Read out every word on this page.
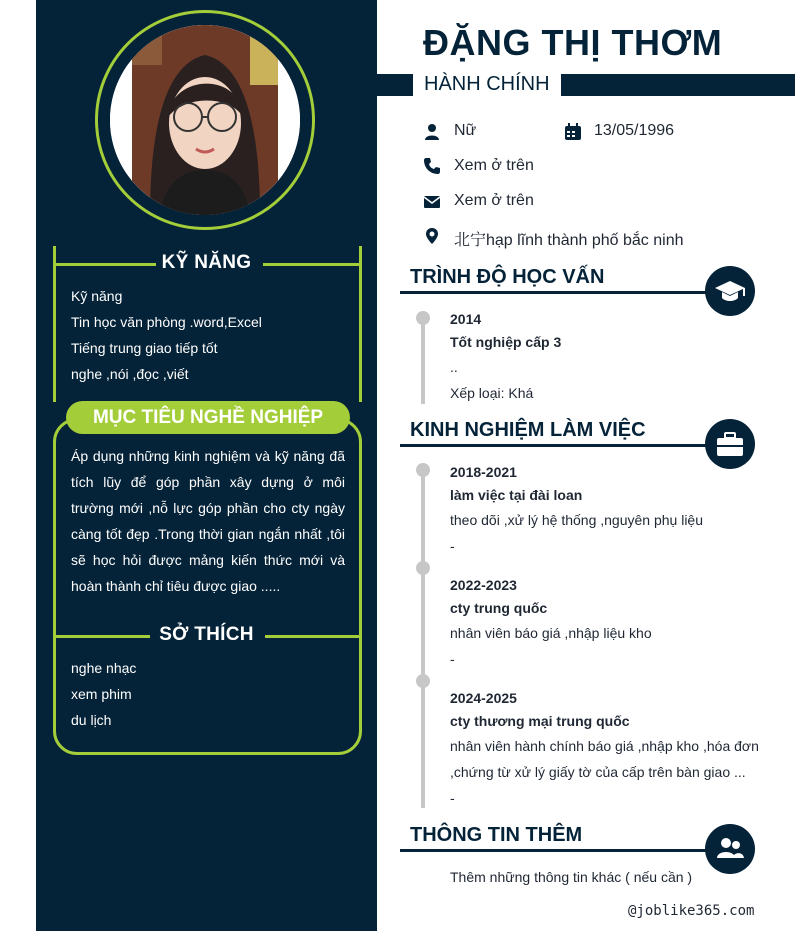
KỸ NĂNG
Kỹ năng
Tin học văn phòng .word,Excel
Tiếng trung giao tiếp tốt
nghe ,nói ,đọc ,viết
MỤC TIÊU NGHỀ NGHIỆP
Áp dụng những kinh nghiệm và kỹ năng đã tích lũy để góp phần xây dựng ở môi trường mới ,nỗ lực góp phần cho cty ngày càng tốt đẹp .Trong thời gian ngắn nhất ,tôi sẽ học hỏi được mảng kiến thức mới và hoàn thành chỉ tiêu được giao .....
SỞ THÍCH
nghe nhạc
xem phim
du lịch
ĐẶNG THỊ THƠM
HÀNH CHÍNH
Nữ	13/05/1996
Xem ở trên
Xem ở trên
北宁hạp lĩnh thành phố bắc ninh
TRÌNH ĐỘ HỌC VẤN
2014
Tốt nghiệp cấp 3
..
Xếp loại: Khá
KINH NGHIỆM LÀM VIỆC
2018-2021
làm việc tại đài loan
theo dõi ,xử lý hệ thống ,nguyên phụ liệu
-
2022-2023
cty trung quốc
nhân viên báo giá ,nhập liệu kho
-
2024-2025
cty thương mại trung quốc
nhân viên hành chính báo giá ,nhập kho ,hóa đơn
,chứng từ xử lý giấy tờ của cấp trên bàn giao ...
-
THÔNG TIN THÊM
Thêm những thông tin khác ( nếu cần )
@joblike365.com
